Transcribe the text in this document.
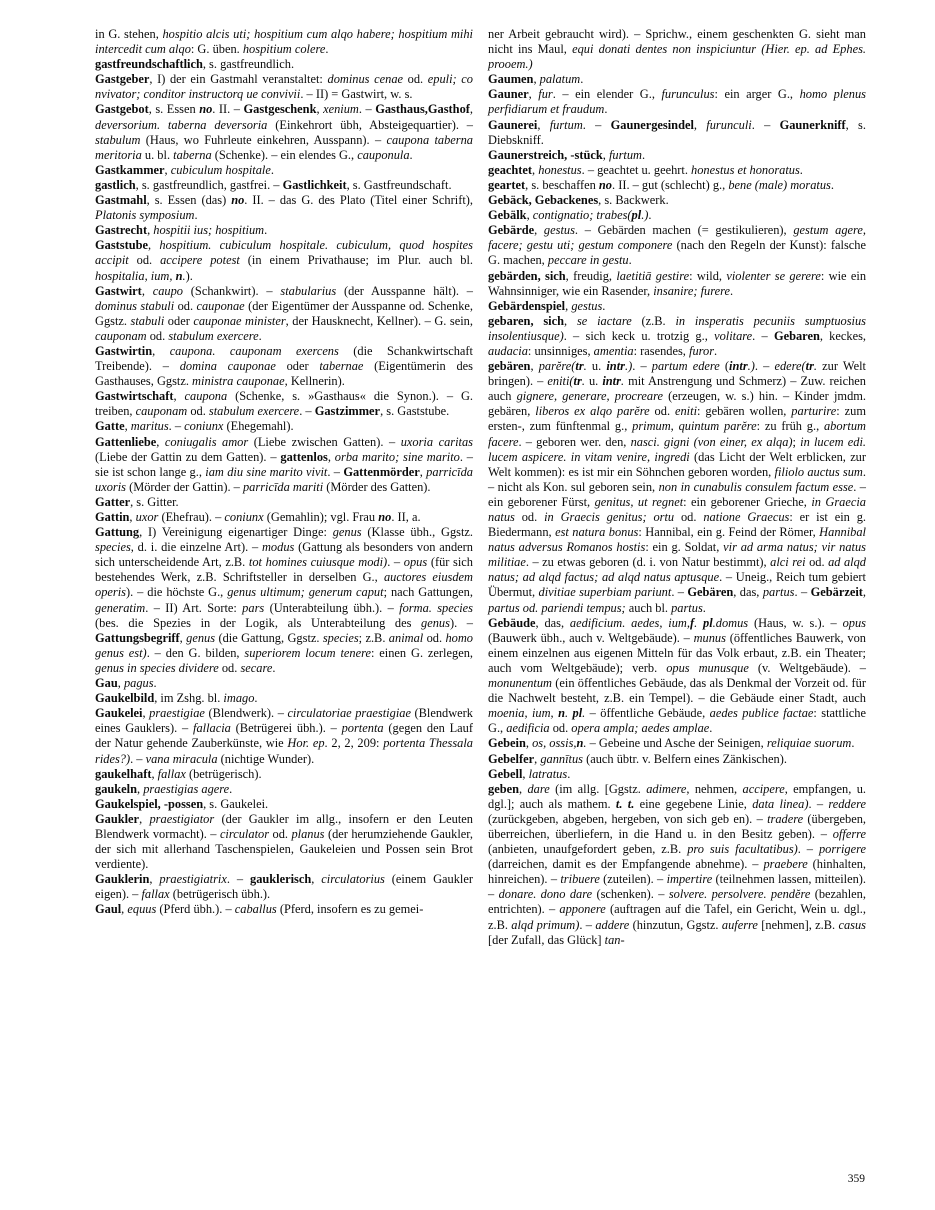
in G. stehen, hospitio alcis uti; hospitium cum alqo habere; hospitium mihi intercedit cum alqo: G. üben. hospitium colere.

gastfreundschaftlich, s. gastfreundlich.

Gastgeber, I) der ein Gastmahl veranstaltet: dominus cenae od. epuli; co nvivator; conditor instructorq ue convivii. – II) = Gastwirt, w. s.

Gastgebot, s. Essen no. II. – Gastgeschenk, xenium. – Gasthaus,Gasthof, deversorium. taberna deversoria (Einkehrort übh, Absteigequartier). – stabulum (Haus, wo Fuhrleute einkehren, Ausspann). – caupona taberna meritoria u. bl. taberna (Schenke). – ein elendes G., cauponula.

Gastkammer, cubiculum hospitale.

gastlich, s. gastfreundlich, gastfrei. – Gastlichkeit, s. Gastfreundschaft.

Gastmahl, s. Essen (das) no. II. – das G. des Plato (Titel einer Schrift), Platonis symposium.

Gastrecht, hospitii ius; hospitium.

Gaststube, hospitium. cubiculum hospitale. cubiculum, quod hospites accipit od. accipere potest (in einem Privathause; im Plur. auch bl. hospitalia, ium, n.).

Gastwirt, caupo (Schankwirt). – stabularius (der Ausspanne hält). – dominus stabuli od. cauponae (der Eigentümer der Ausspanne od. Schenke, Ggstz. stabuli oder cauponae minister, der Hausknecht, Kellner). – G. sein, cauponam od. stabulum exercere.

Gastwirtin, caupona. cauponam exercens (die Schankwirtschaft Treibende). – domina cauponae oder tabernae (Eigentümerin des Gasthauses, Ggstz. ministra cauponae, Kellnerin).

Gastwirtschaft, caupona (Schenke, s. »Gasthaus« die Synon.). – G. treiben, cauponam od. stabulum exercere. – Gastzimmer, s. Gaststube.

Gatte, maritus. – coniunx (Ehegemahl).

Gattenliebe, coniugalis amor (Liebe zwischen Gatten). – uxoria caritas (Liebe der Gattin zu dem Gatten). – gattenlos, orba marito; sine marito. – sie ist schon lange g., iam diu sine marito vivit. – Gattenmörder, parricīda uxoris (Mörder der Gattin). – parricīda mariti (Mörder des Gatten).

Gatter, s. Gitter.

Gattin, uxor (Ehefrau). – coniunx (Gemahlin); vgl. Frau no. II, a.

Gattung, I) Vereinigung eigenartiger Dinge: genus (Klasse übh., Ggstz. species, d. i. die einzelne Art). – modus (Gattung als besonders von andern sich unterscheidende Art, z.B. tot homines cuiusque modi). – opus (für sich bestehendes Werk, z.B. Schriftsteller in derselben G., auctores eiusdem operis). – die höchste G., genus ultimum; generum caput; nach Gattungen, generatim. – II) Art. Sorte: pars (Unterabteilung übh.). – forma. species (bes. die Spezies in der Logik, als Unterabteilung des genus). – Gattungsbegriff, genus (die Gattung, Ggstz. species; z.B. animal od. homo genus est). – den G. bilden, superiorem locum tenere: einen G. zerlegen, genus in species dividere od. secare.

Gau, pagus.

Gaukelbild, im Zshg. bl. imago.

Gaukelei, praestigiae (Blendwerk). – circulatoriae praestigiae (Blendwerk eines Gauklers). – fallacia (Betrügerei übh.). – portenta (gegen den Lauf der Natur gehende Zauberkünste, wie Hor. ep. 2, 2, 209: portenta Thessala rides?). – vana miracula (nichtige Wunder).

gaukelhaft, fallax (betrügerisch).

gaukeln, praestigias agere.

Gaukelspiel, -possen, s. Gaukelei.

Gaukler, praestigiator (der Gaukler im allg., insofern er den Leuten Blendwerk vormacht). – circulator od. planus (der herumziehende Gaukler, der sich mit allerhand Taschenspielen, Gaukeleien und Possen sein Brot verdiente).

Gauklerin, praestigiatrix. – gauklerisch, circulatorius (einem Gaukler eigen). – fallax (betrügerisch übh.).

Gaul, equus (Pferd übh.). – caballus (Pferd, insofern es zu gemei-

ner Arbeit gebraucht wird). – Sprichw., einem geschenkten G. sieht man nicht ins Maul, equi donati dentes non inspiciuntur (Hier. ep. ad Ephes. prooem.)

Gaumen, palatum.

Gauner, fur. – ein elender G., furunculus: ein arger G., homo plenus perfidiarum et fraudum.

Gaunerei, furtum. – Gaunergesindel, furunculi. – Gaunerkniff, s. Diebskniff.

Gaunerstreich, -stück, furtum.

geachtet, honestus. – geachtet u. geehrt. honestus et honoratus.

geartet, s. beschaffen no. II. – gut (schlecht) g., bene (male) moratus.

Gebäck, Gebackenes, s. Backwerk.

Gebälk, contignatio; trabes(pl.).

Gebärde, gestus. – Gebärden machen (= gestikulieren), gestum agere, facere; gestu uti; gestum componere (nach den Regeln der Kunst): falsche G. machen, peccare in gestu.

gebärden, sich, freudig, laetitiā gestire: wild, violenter se gerere: wie ein Wahnsinniger, wie ein Rasender, insanire; furere.

Gebärdenspiel, gestus.

gebaren, sich, se iactare (z.B. in insperatis pecuniis sumptuosius insolentiusque). – sich keck u. trotzig g., volitare. – Gebaren, keckes, audacia: unsinniges, amentia: rasendes, furor.

gebären, parĕre(tr. u. intr.). – partum edere (intr.). – edere(tr. zur Welt bringen). – eniti(tr. u. intr. mit Anstrengung und Schmerz) – Zuw. reichen auch gignere, generare, procreare (erzeugen, w. s.) hin. – Kinder jmdm. gebären, liberos ex alqo parĕre od. eniti: gebären wollen, parturire: zum ersten-, zum fünftenmal g., primum, quintum parĕre: zu früh g., abortum facere. – geboren wer. den, nasci. gigni (von einer, ex alqa); in lucem edi. lucem aspicere. in vitam venire, ingredi (das Licht der Welt erblicken, zur Welt kommen): es ist mir ein Söhnchen geboren worden, filiolo auctus sum. – nicht als Kon. sul geboren sein, non in cunabulis consulem factum esse. – ein geborener Fürst, genitus, ut regnet: ein geborener Grieche, in Graecia natus od. in Graecis genitus; ortu od. natione Graecus: er ist ein g. Biedermann, est natura bonus: Hannibal, ein g. Feind der Römer, Hannibal natus adversus Romanos hostis: ein g. Soldat, vir ad arma natus; vir natus militiae. – zu etwas geboren (d. i. von Natur bestimmt), alci rei od. ad alqd natus; ad alqd factus; ad alqd natus aptusque. – Uneig., Reich tum gebiert Übermut, divitiae superbiam pariunt. – Gebären, das, partus. – Gebärzeit, partus od. pariendi tempus; auch bl. partus.

Gebäude, das, aedificium. aedes, ium,f. pl.domus (Haus, w. s.). – opus (Bauwerk übh., auch v. Weltgebäude). – munus (öffentliches Bauwerk, von einem einzelnen aus eigenen Mitteln für das Volk erbaut, z.B. ein Theater; auch vom Weltgebäude); verb. opus munusque (v. Weltgebäude). – monunentum (ein öffentliches Gebäude, das als Denkmal der Vorzeit od. für die Nachwelt besteht, z.B. ein Tempel). – die Gebäude einer Stadt, auch moenia, ium, n. pl. – öffentliche Gebäude, aedes publice factae: stattliche G., aedificia od. opera ampla; aedes amplae.

Gebein, os, ossis,n. – Gebeine und Asche der Seinigen, reliquiae suorum.

Gebelfer, gannītus (auch übtr. v. Belfern eines Zänkischen).

Gebell, latratus.

geben, dare (im allg. [Ggstz. adimere, nehmen, accipere, empfangen, u. dgl.]; auch als mathem. t. t. eine gegebene Linie, data linea). – reddere (zurückgeben, abgeben, hergeben, von sich geb en). – tradere (übergeben, überreichen, überliefern, in die Hand u. in den Besitz geben). – offerre (anbieten, unaufgefordert geben, z.B. pro suis facultatibus). – porrigere (darreichen, damit es der Empfangende abnehme). – praebere (hinhalten, hinreichen). – tribuere (zuteilen). – impertire (teilnehmen lassen, mitteilen). – donare. dono dare (schenken). – solvere. persolvere. pendĕre (bezahlen, entrichten). – apponere (auftragen auf die Tafel, ein Gericht, Wein u. dgl., z.B. alqd primum). – addere (hinzutun, Ggstz. auferre [nehmen], z.B. casus [der Zufall, das Glück] tan-

359
